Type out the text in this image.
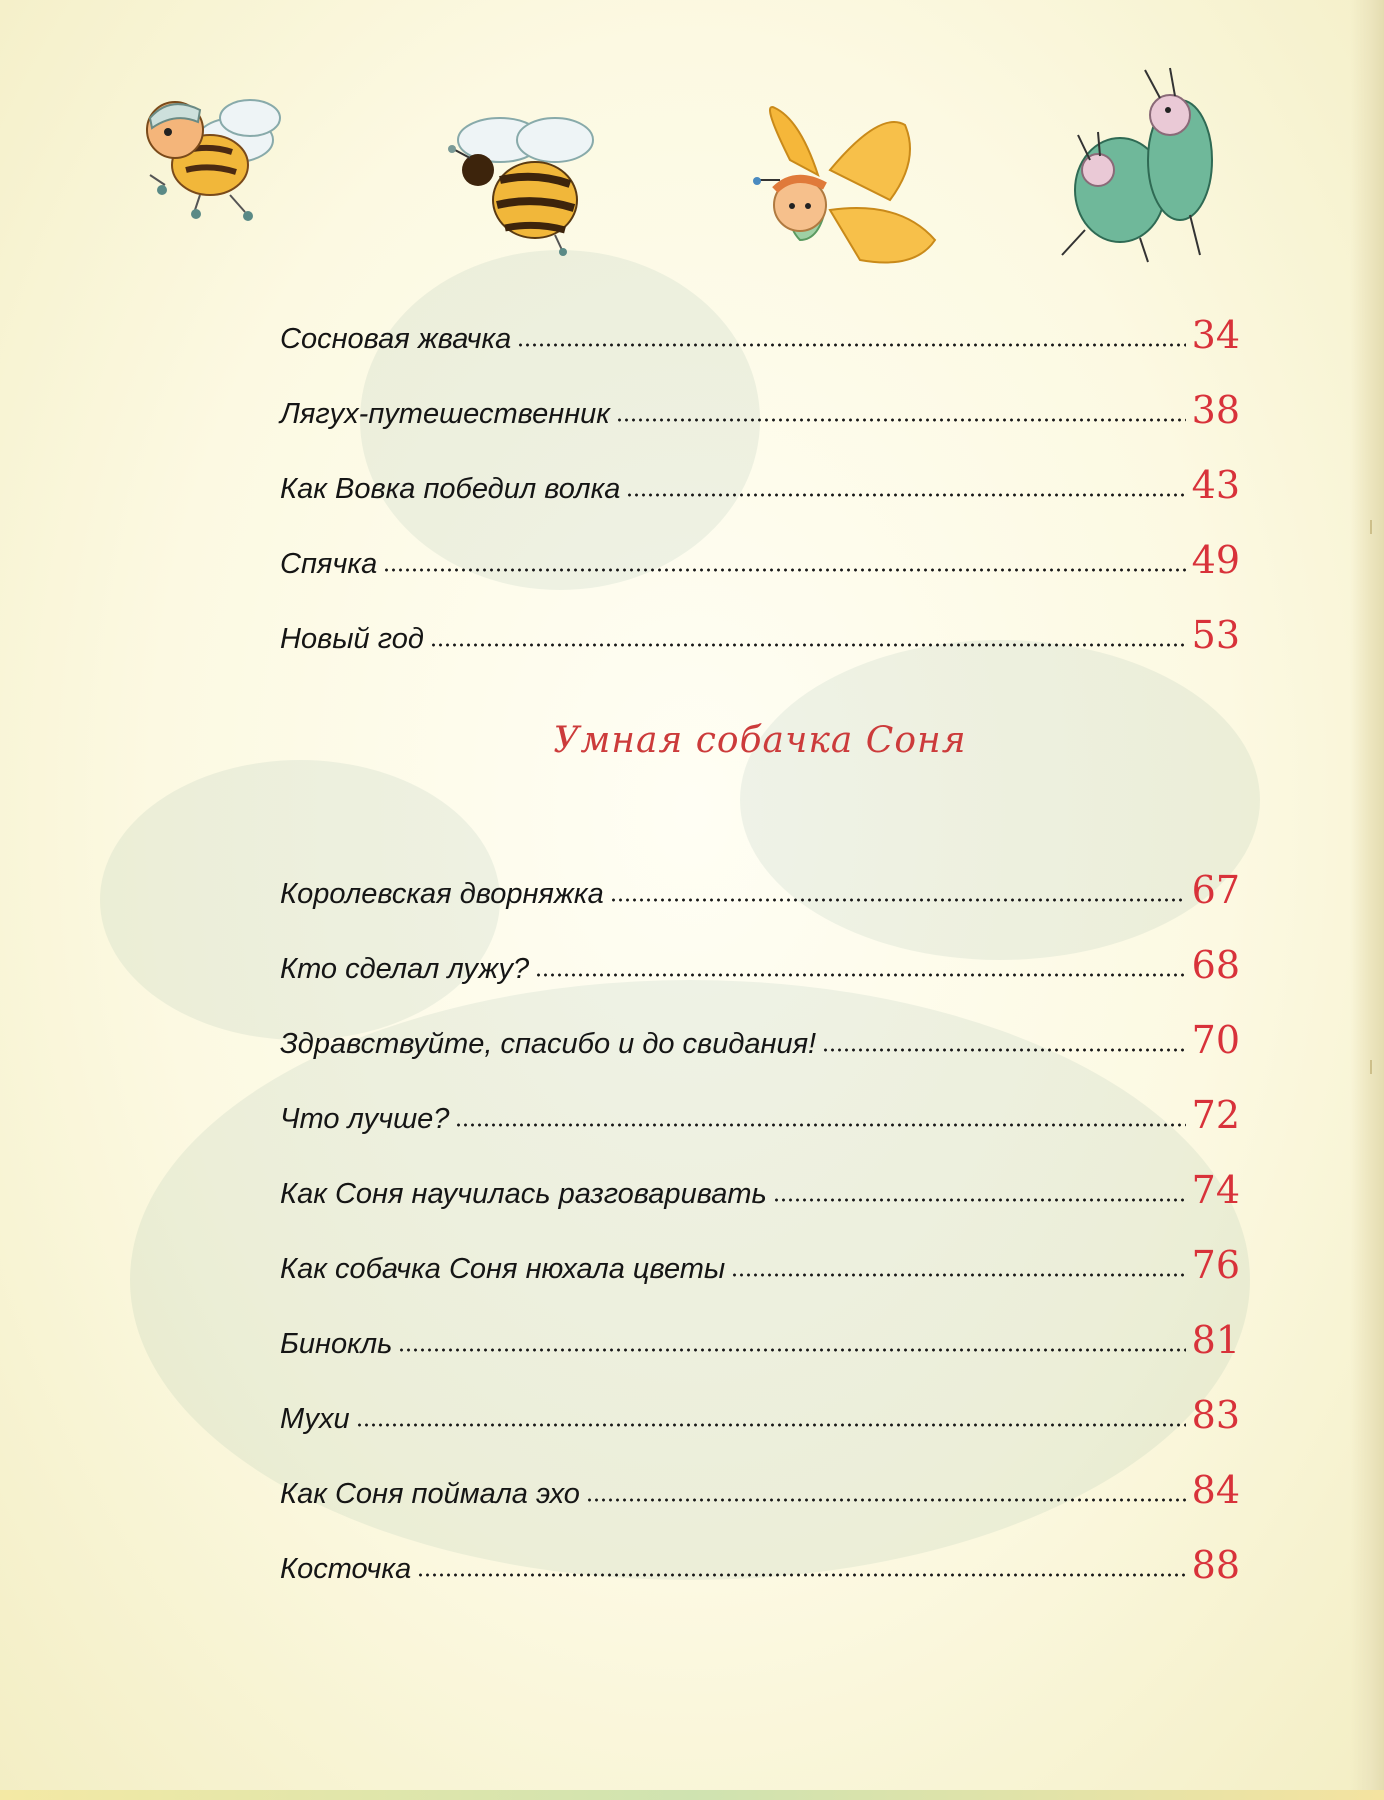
Сосновая жвачка	34
Лягух-путешественник	38
Как Вовка победил волка	43
Спячка	49
Новый год	53
Умная собачка Соня
Королевская дворняжка	67
Кто сделал лужу?	68
Здравствуйте, спасибо и до свидания!	70
Что лучше?	72
Как Соня научилась разговаривать	74
Как собачка Соня нюхала цветы	76
Бинокль	81
Мухи	83
Как Соня поймала эхо	84
Косточка	88
